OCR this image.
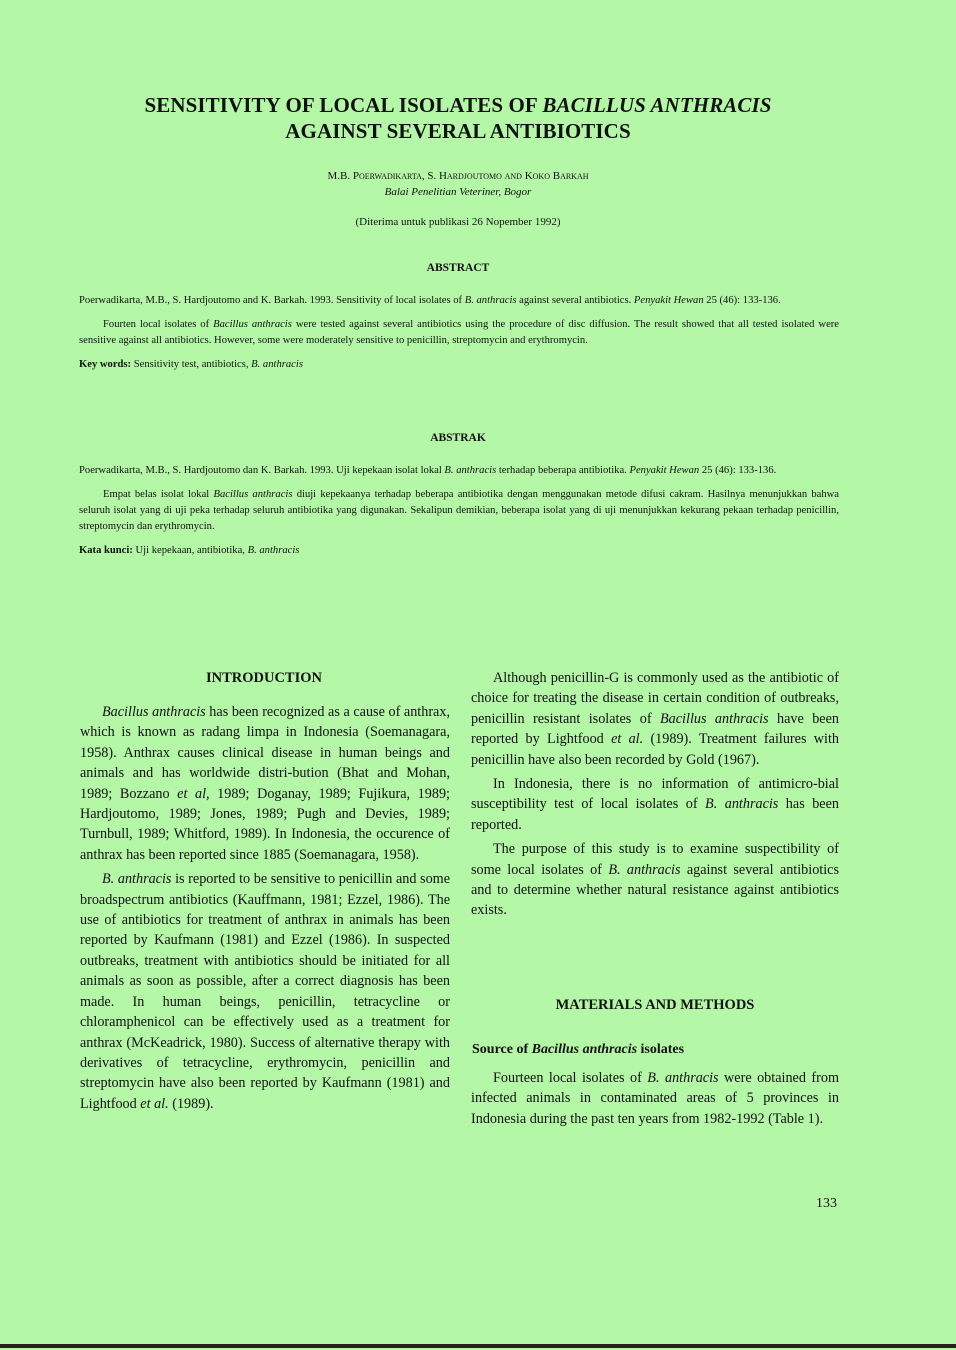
SENSITIVITY OF LOCAL ISOLATES OF BACILLUS ANTHRACIS
AGAINST SEVERAL ANTIBIOTICS
M.B. Poerwadikarta, S. Hardjoutomo and Koko Barkah
Balai Penelitian Veteriner, Bogor
(Diterima untuk publikasi 26 Nopember 1992)
ABSTRACT

Poerwadikarta, M.B., S. Hardjoutomo and K. Barkah. 1993. Sensitivity of local isolates of B. anthracis against several antibiotics. Penyakit Hewan 25 (46): 133-136.

Fourten local isolates of Bacillus anthracis were tested against several antibiotics using the procedure of disc diffusion. The result showed that all tested isolated were sensitive against all antibiotics. However, some were moderately sensitive to penicillin, streptomycin and erythromycin.

Key words: Sensitivity test, antibiotics, B. anthracis

ABSTRAK

Poerwadikarta, M.B., S. Hardjoutomo dan K. Barkah. 1993. Uji kepekaan isolat lokal B. anthracis terhadap beberapa antibiotika. Penyakit Hewan 25 (46): 133-136.

Empat belas isolat lokal Bacillus anthracis diuji kepekaanya terhadap beberapa antibiotika dengan menggunakan metode difusi cakram. Hasilnya menunjukkan bahwa seluruh isolat yang di uji peka terhadap seluruh antibiotika yang digunakan. Sekalipun demikian, beberapa isolat yang di uji menunjukkan kekurang pekaan terhadap penicillin, streptomycin dan erythromycin.

Kata kunci: Uji kepekaan, antibiotika, B. anthracis

INTRODUCTION

Bacillus anthracis has been recognized as a cause of anthrax, which is known as radang limpa in Indonesia (Soemanagara, 1958). Anthrax causes clinical disease in human beings and animals and has worldwide distri-bution (Bhat and Mohan, 1989; Bozzano et al, 1989; Doganay, 1989; Fujikura, 1989; Hardjoutomo, 1989; Jones, 1989; Pugh and Devies, 1989; Turnbull, 1989; Whitford, 1989). In Indonesia, the occurence of anthrax has been reported since 1885 (Soemanagara, 1958).

B. anthracis is reported to be sensitive to penicillin and some broadspectrum antibiotics (Kauffmann, 1981; Ezzel, 1986). The use of antibiotics for treatment of anthrax in animals has been reported by Kaufmann (1981) and Ezzel (1986). In suspected outbreaks, treatment with antibiotics should be initiated for all animals as soon as possible, after a correct diagnosis has been made. In human beings, penicillin, tetracycline or chloramphenicol can be effectively used as a treatment for anthrax (McKeadrick, 1980). Success of alternative therapy with derivatives of tetracycline, erythromycin, penicillin and streptomycin have also been reported by Kaufmann (1981) and Lightfood et al. (1989).

Although penicillin-G is commonly used as the antibiotic of choice for treating the disease in certain condition of outbreaks, penicillin resistant isolates of Bacillus anthracis have been reported by Lightfood et al. (1989). Treatment failures with penicillin have also been recorded by Gold (1967).

In Indonesia, there is no information of antimicro-bial susceptibility test of local isolates of B. anthracis has been reported.

The purpose of this study is to examine suspectibility of some local isolates of B. anthracis against several antibiotics and to determine whether natural resistance against antibiotics exists.

MATERIALS AND METHODS
Source of Bacillus anthracis isolates

Fourteen local isolates of B. anthracis were obtained from infected animals in contaminated areas of 5 provinces in Indonesia during the past ten years from 1982-1992 (Table 1).

133
